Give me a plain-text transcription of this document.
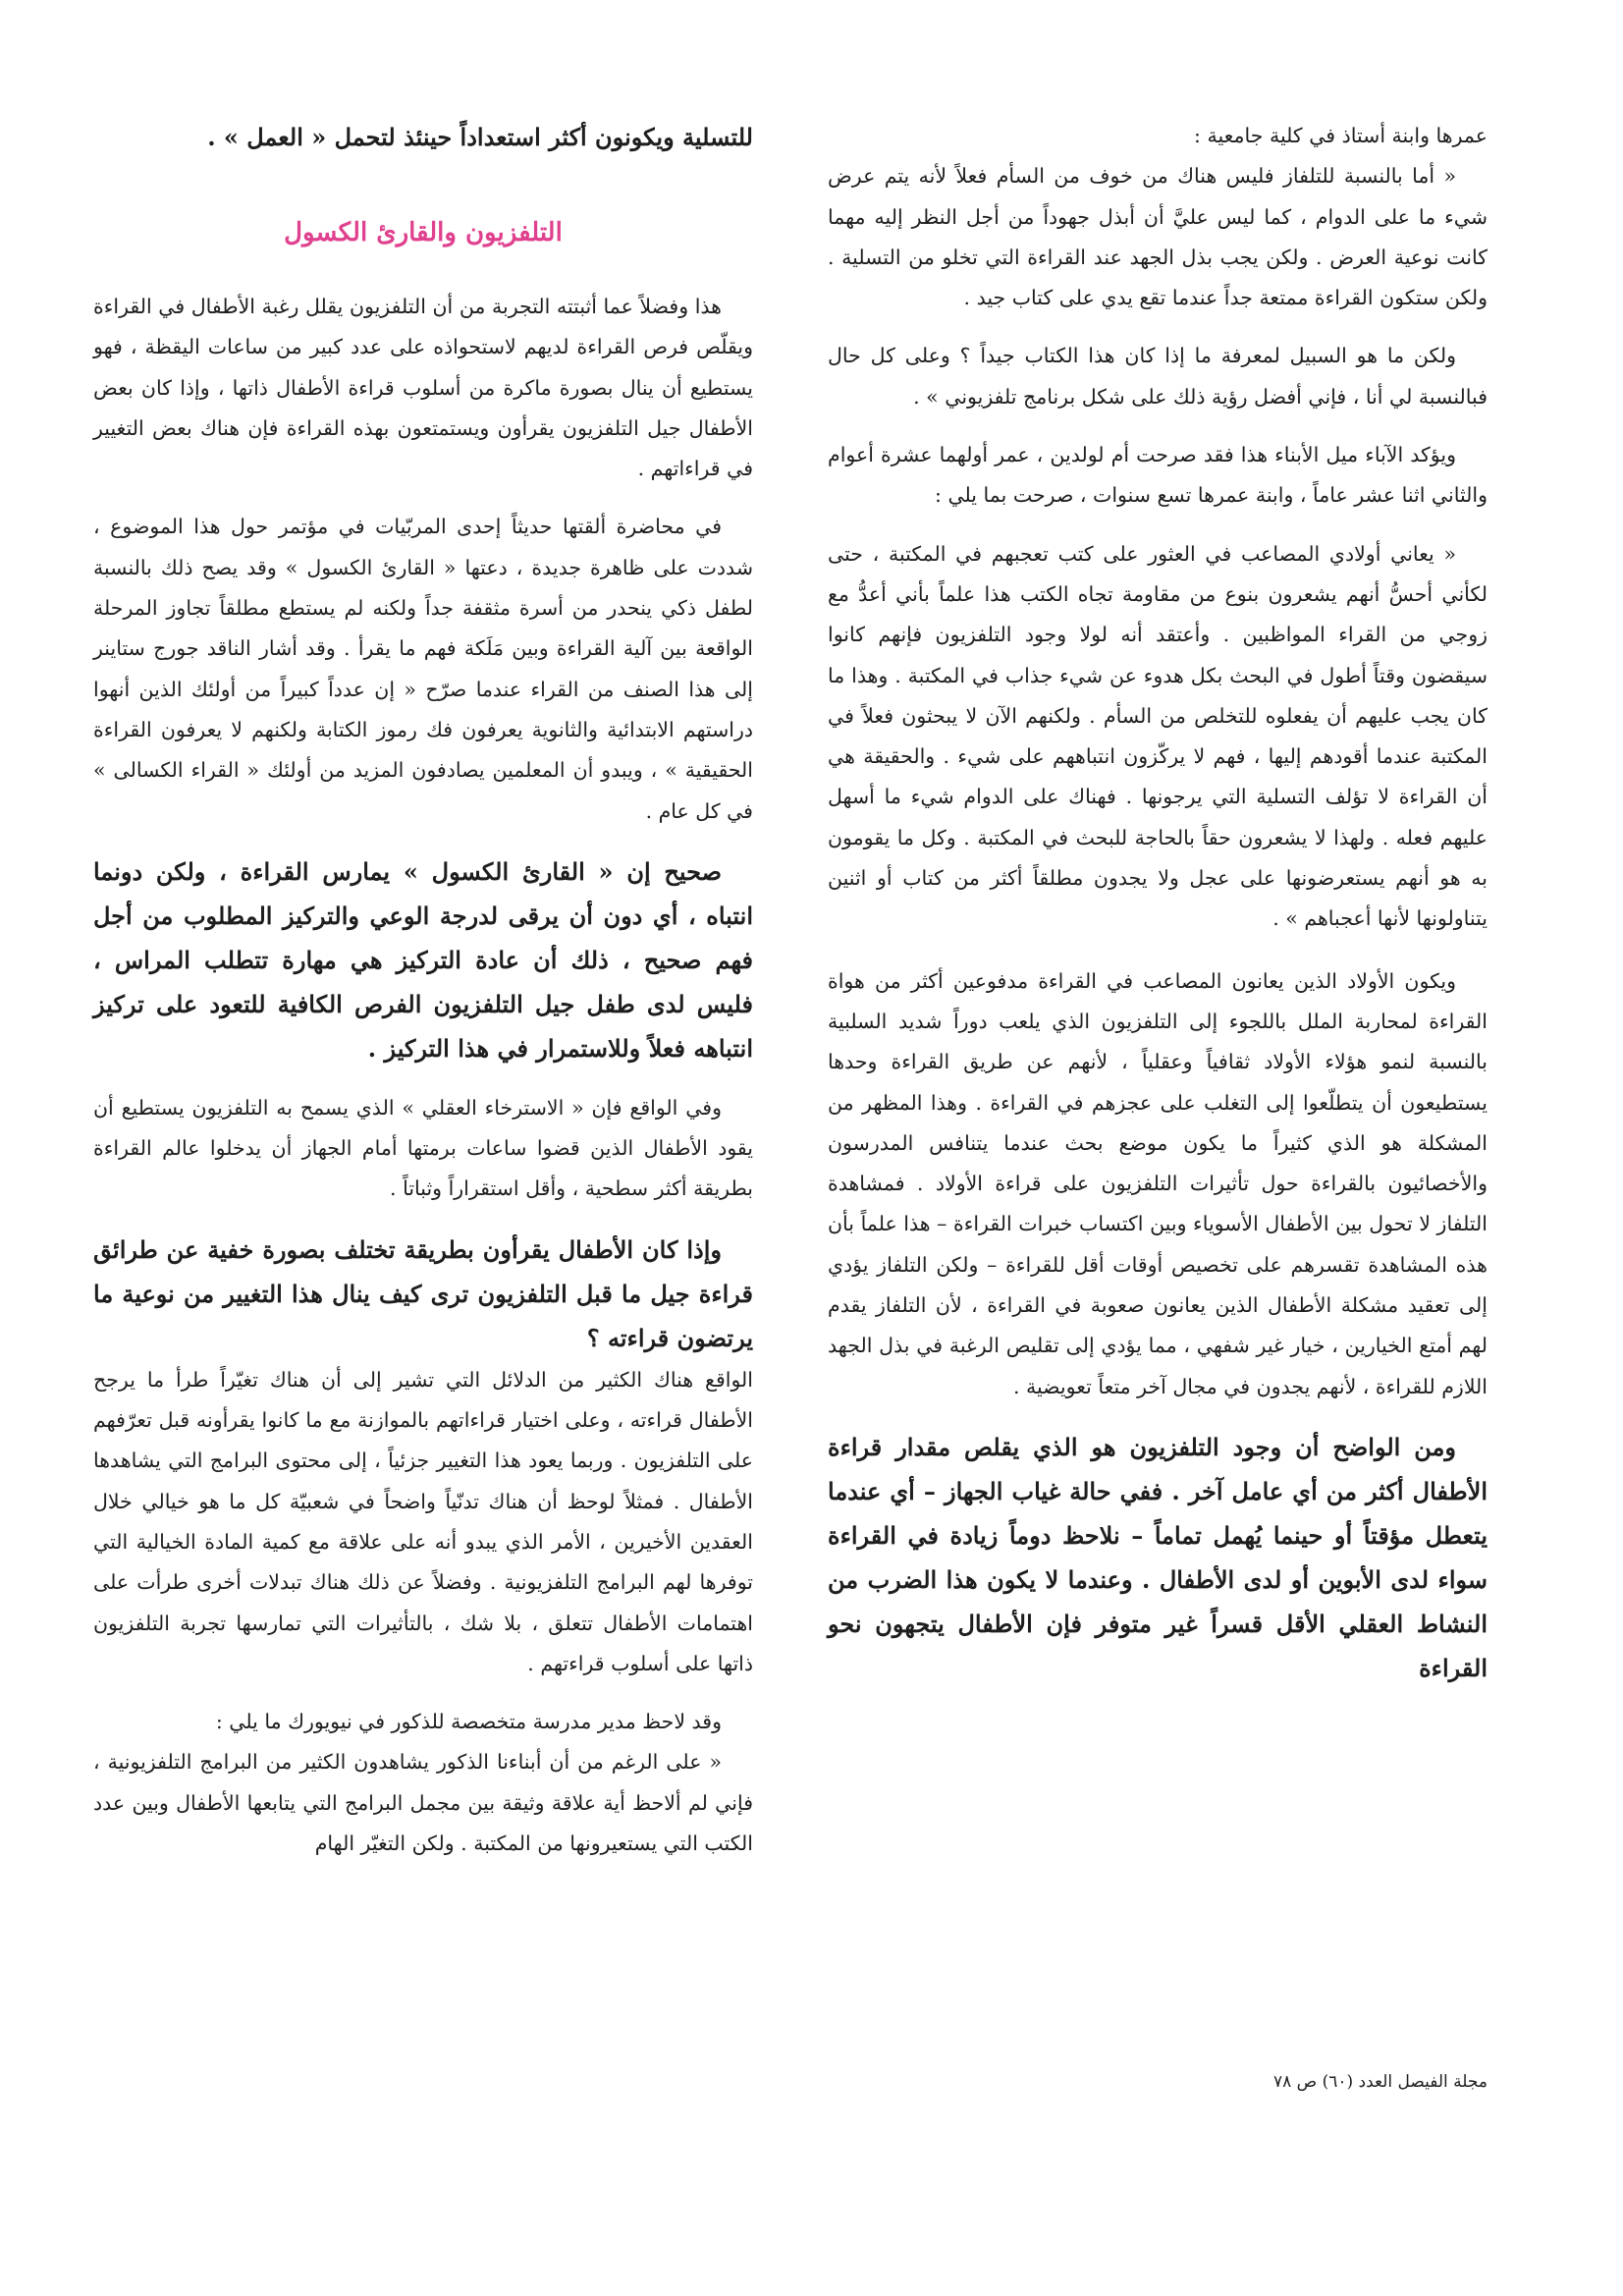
عمرها وابنة أستاذ في كلية جامعية :

« أما بالنسبة للتلفاز فليس هناك من خوف من السأم فعلاً لأنه يتم عرض شيء ما على الدوام ، كما ليس عليَّ أن أبذل جهوداً من أجل النظر إليه مهما كانت نوعية العرض . ولكن يجب بذل الجهد عند القراءة التي تخلو من التسلية . ولكن ستكون القراءة ممتعة جداً عندما تقع يدي على كتاب جيد .

ولكن ما هو السبيل لمعرفة ما إذا كان هذا الكتاب جيداً ؟ وعلى كل حال فبالنسبة لي أنا ، فإني أفضل رؤية ذلك على شكل برنامج تلفزيوني » .

ويؤكد الآباء ميل الأبناء هذا فقد صرحت أم لولدين ، عمر أولهما عشرة أعوام والثاني اثنا عشر عاماً ، وابنة عمرها تسع سنوات ، صرحت بما يلي :

« يعاني أولادي المصاعب في العثور على كتب تعجبهم في المكتبة ، حتى لكأني أحسُّ أنهم يشعرون بنوع من مقاومة تجاه الكتب هذا علماً بأني أعدُّ مع زوجي من القراء المواظبين . وأعتقد أنه لولا وجود التلفزيون فإنهم كانوا سيقضون وقتاً أطول في البحث بكل هدوء عن شيء جذاب في المكتبة . وهذا ما كان يجب عليهم أن يفعلوه للتخلص من السأم . ولكنهم الآن لا يبحثون فعلاً في المكتبة عندما أقودهم إليها ، فهم لا يركّزون انتباههم على شيء . والحقيقة هي أن القراءة لا تؤلف التسلية التي يرجونها . فهناك على الدوام شيء ما أسهل عليهم فعله . ولهذا لا يشعرون حقاً بالحاجة للبحث في المكتبة . وكل ما يقومون به هو أنهم يستعرضونها على عجل ولا يجدون مطلقاً أكثر من كتاب أو اثنين يتناولونها لأنها أعجباهم » .

ويكون الأولاد الذين يعانون المصاعب في القراءة مدفوعين أكثر من هواة القراءة لمحاربة الملل باللجوء إلى التلفزيون الذي يلعب دوراً شديد السلبية بالنسبة لنمو هؤلاء الأولاد ثقافياً وعقلياً ، لأنهم عن طريق القراءة وحدها يستطيعون أن يتطلّعوا إلى التغلب على عجزهم في القراءة . وهذا المظهر من المشكلة هو الذي كثيراً ما يكون موضع بحث عندما يتنافس المدرسون والأخصائيون بالقراءة حول تأثيرات التلفزيون على قراءة الأولاد . فمشاهدة التلفاز لا تحول بين الأطفال الأسوياء وبين اكتساب خبرات القراءة – هذا علماً بأن هذه المشاهدة تقسرهم على تخصيص أوقات أقل للقراءة – ولكن التلفاز يؤدي إلى تعقيد مشكلة الأطفال الذين يعانون صعوبة في القراءة ، لأن التلفاز يقدم لهم أمتع الخيارين ، خيار غير شفهي ، مما يؤدي إلى تقليص الرغبة في بذل الجهد اللازم للقراءة ، لأنهم يجدون في مجال آخر متعاً تعويضية .

ومن الواضح أن وجود التلفزيون هو الذي يقلص مقدار قراءة الأطفال أكثر من أي عامل آخر . ففي حالة غياب الجهاز – أي عندما يتعطل مؤقتاً أو حينما يُهمل تماماً – نلاحظ دوماً زيادة في القراءة سواء لدى الأبوين أو لدى الأطفال . وعندما لا يكون هذا الضرب من النشاط العقلي الأقل قسراً غير متوفر فإن الأطفال يتجهون نحو القراءة

للتسلية ويكونون أكثر استعداداً حينئذ لتحمل « العمل » .

التلفزيون والقارئ الكسول

هذا وفضلاً عما أثبتته التجربة من أن التلفزيون يقلل رغبة الأطفال في القراءة ويقلّص فرص القراءة لديهم لاستحواذه على عدد كبير من ساعات اليقظة ، فهو يستطيع أن ينال بصورة ماكرة من أسلوب قراءة الأطفال ذاتها ، وإذا كان بعض الأطفال جيل التلفزيون يقرأون ويستمتعون بهذه القراءة فإن هناك بعض التغيير في قراءاتهم .

في محاضرة ألقتها حديثاً إحدى المربّيات في مؤتمر حول هذا الموضوع ، شددت على ظاهرة جديدة ، دعتها « القارئ الكسول » وقد يصح ذلك بالنسبة لطفل ذكي ينحدر من أسرة مثقفة جداً ولكنه لم يستطع مطلقاً تجاوز المرحلة الواقعة بين آلية القراءة وبين مَلَكة فهم ما يقرأ . وقد أشار الناقد جورج ستاينر إلى هذا الصنف من القراء عندما صرّح « إن عدداً كبيراً من أولئك الذين أنهوا دراستهم الابتدائية والثانوية يعرفون فك رموز الكتابة ولكنهم لا يعرفون القراءة الحقيقية » ، ويبدو أن المعلمين يصادفون المزيد من أولئك « القراء الكسالى » في كل عام .

صحيح إن « القارئ الكسول » يمارس القراءة ، ولكن دونما انتباه ، أي دون أن يرقى لدرجة الوعي والتركيز المطلوب من أجل فهم صحيح ، ذلك أن عادة التركيز هي مهارة تتطلب المراس ، فليس لدى طفل جيل التلفزيون الفرص الكافية للتعود على تركيز انتباهه فعلاً وللاستمرار في هذا التركيز .

وفي الواقع فإن « الاسترخاء العقلي » الذي يسمح به التلفزيون يستطيع أن يقود الأطفال الذين قضوا ساعات برمتها أمام الجهاز أن يدخلوا عالم القراءة بطريقة أكثر سطحية ، وأقل استقراراً وثباتاً .

وإذا كان الأطفال يقرأون بطريقة تختلف بصورة خفية عن طرائق قراءة جيل ما قبل التلفزيون ترى كيف ينال هذا التغيير من نوعية ما يرتضون قراءته ؟

الواقع هناك الكثير من الدلائل التي تشير إلى أن هناك تغيّراً طرأ ما يرجح الأطفال قراءته ، وعلى اختيار قراءاتهم بالموازنة مع ما كانوا يقرأونه قبل تعرّفهم على التلفزيون . وربما يعود هذا التغيير جزئياً ، إلى محتوى البرامج التي يشاهدها الأطفال . فمثلاً لوحظ أن هناك تدنّياً واضحاً في شعبيّة كل ما هو خيالي خلال العقدين الأخيرين ، الأمر الذي يبدو أنه على علاقة مع كمية المادة الخيالية التي توفرها لهم البرامج التلفزيونية . وفضلاً عن ذلك هناك تبدلات أخرى طرأت على اهتمامات الأطفال تتعلق ، بلا شك ، بالتأثيرات التي تمارسها تجربة التلفزيون ذاتها على أسلوب قراءتهم .

وقد لاحظ مدير مدرسة متخصصة للذكور في نيويورك ما يلي :

« على الرغم من أن أبناءنا الذكور يشاهدون الكثير من البرامج التلفزيونية ، فإني لم ألاحظ أية علاقة وثيقة بين مجمل البرامج التي يتابعها الأطفال وبين عدد الكتب التي يستعيرونها من المكتبة . ولكن التغيّر الهام

مجلة الفيصل العدد (٦٠) ص ٧٨
